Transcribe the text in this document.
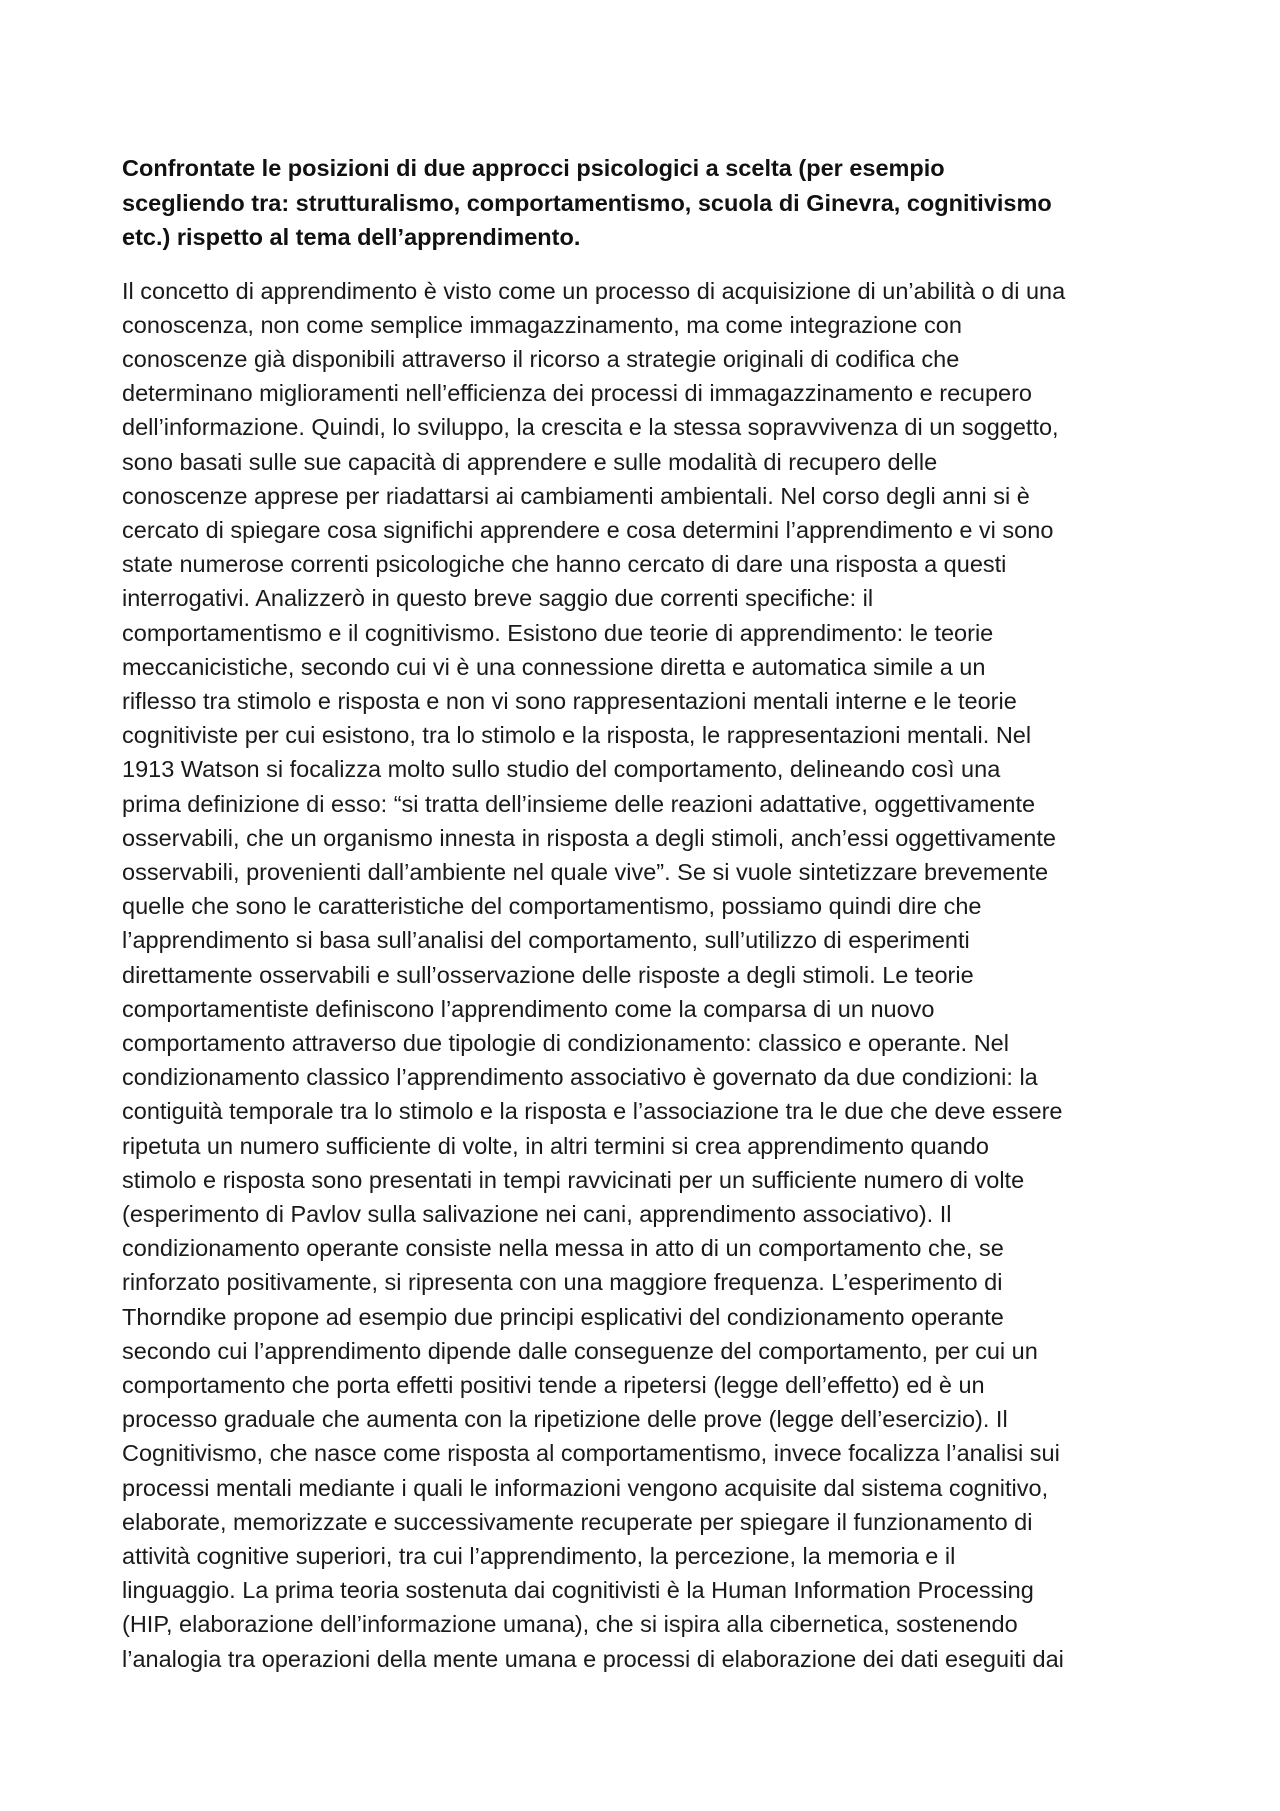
Confrontate le posizioni di due approcci psicologici a scelta (per esempio
scegliendo tra: strutturalismo, comportamentismo, scuola di Ginevra, cognitivismo
etc.) rispetto al tema dell’apprendimento.

Il concetto di apprendimento è visto come un processo di acquisizione di un’abilità o di una
conoscenza, non come semplice immagazzinamento, ma come integrazione con
conoscenze già disponibili attraverso il ricorso a strategie originali di codifica che
determinano miglioramenti nell’efficienza dei processi di immagazzinamento e recupero
dell’informazione. Quindi, lo sviluppo, la crescita e la stessa sopravvivenza di un soggetto,
sono basati sulle sue capacità di apprendere e sulle modalità di recupero delle
conoscenze apprese per riadattarsi ai cambiamenti ambientali. Nel corso degli anni si è
cercato di spiegare cosa significhi apprendere e cosa determini l’apprendimento e vi sono
state numerose correnti psicologiche che hanno cercato di dare una risposta a questi
interrogativi. Analizzerò in questo breve saggio due correnti specifiche: il
comportamentismo e il cognitivismo. Esistono due teorie di apprendimento: le teorie
meccanicistiche, secondo cui vi è una connessione diretta e automatica simile a un
riflesso tra stimolo e risposta e non vi sono rappresentazioni mentali interne e le teorie
cognitiviste per cui esistono, tra lo stimolo e la risposta, le rappresentazioni mentali. Nel
1913 Watson si focalizza molto sullo studio del comportamento, delineando così una
prima definizione di esso: “si tratta dell’insieme delle reazioni adattative, oggettivamente
osservabili, che un organismo innesta in risposta a degli stimoli, anch’essi oggettivamente
osservabili, provenienti dall’ambiente nel quale vive”. Se si vuole sintetizzare brevemente
quelle che sono le caratteristiche del comportamentismo, possiamo quindi dire che
l’apprendimento si basa sull’analisi del comportamento, sull’utilizzo di esperimenti
direttamente osservabili e sull’osservazione delle risposte a degli stimoli. Le teorie
comportamentiste definiscono l’apprendimento come la comparsa di un nuovo
comportamento attraverso due tipologie di condizionamento: classico e operante. Nel
condizionamento classico l’apprendimento associativo è governato da due condizioni: la
contiguità temporale tra lo stimolo e la risposta e l’associazione tra le due che deve essere
ripetuta un numero sufficiente di volte, in altri termini si crea apprendimento quando
stimolo e risposta sono presentati in tempi ravvicinati per un sufficiente numero di volte
(esperimento di Pavlov sulla salivazione nei cani, apprendimento associativo). Il
condizionamento operante consiste nella messa in atto di un comportamento che, se
rinforzato positivamente, si ripresenta con una maggiore frequenza. L’esperimento di
Thorndike propone ad esempio due principi esplicativi del condizionamento operante
secondo cui l’apprendimento dipende dalle conseguenze del comportamento, per cui un
comportamento che porta effetti positivi tende a ripetersi (legge dell’effetto) ed è un
processo graduale che aumenta con la ripetizione delle prove (legge dell’esercizio). Il
Cognitivismo, che nasce come risposta al comportamentismo, invece focalizza l’analisi sui
processi mentali mediante i quali le informazioni vengono acquisite dal sistema cognitivo,
elaborate, memorizzate e successivamente recuperate per spiegare il funzionamento di
attività cognitive superiori, tra cui l’apprendimento, la percezione, la memoria e il
linguaggio. La prima teoria sostenuta dai cognitivisti è la Human Information Processing
(HIP, elaborazione dell’informazione umana), che si ispira alla cibernetica, sostenendo
l’analogia tra operazioni della mente umana e processi di elaborazione dei dati eseguiti dai
